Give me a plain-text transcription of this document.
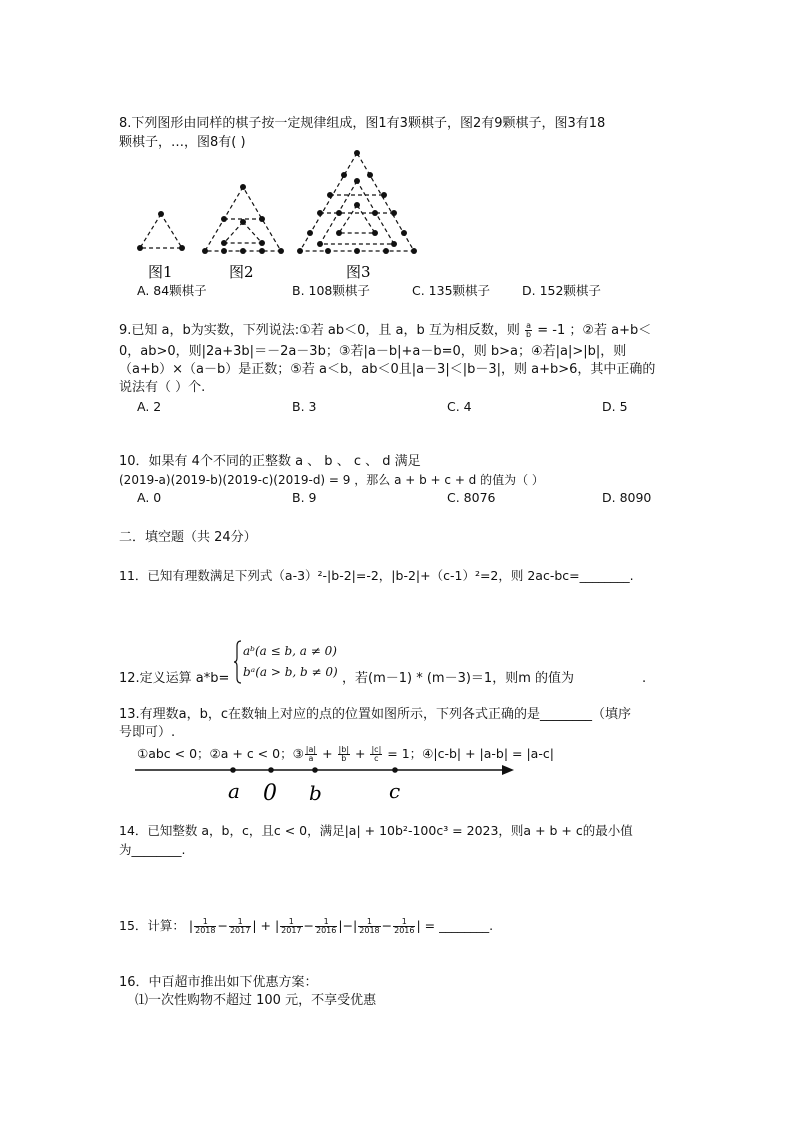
8.下列图形由同样的棋子按一定规律组成，图1有3颗棋子，图2有9颗棋子，图3有18
颗棋子，…，图8有( )
图1	图2	图3
A. 84颗棋子	B. 108颗棋子	C. 135颗棋子	D. 152颗棋子
9.已知 a，b为实数，下列说法:①若 ab＜0，且 a，b 互为相反数，则 $\frac{a}{b} = -1$ ；②若 a+b＜
0，ab>0，则|2a+3b|＝－2a－3b；③若|a－b|+a－b=0，则 b>a；④若|a|>|b|，则
（a+b）×（a－b）是正数；⑤若 a＜b，ab＜0且|a－3|＜|b－3|，则 a+b>6，其中正确的
说法有（ ）个.
A. 2	B. 3	C. 4	D. 5
10．如果有 4个不同的正整数 a 、 b 、 c 、 d 满足
(2019-a)(2019-b)(2019-c)(2019-d) = 9 ，那么 a + b + c + d 的值为（ ）
A. 0	B. 9	C. 8076	D. 8090
二．填空题（共 24分）
11．已知有理数满足下列式（a-3）²-|b-2|=-2，|b-2|+（c-1）²=2，则 2ac-bc=________.
aᵇ(a ≤ b, a ≠ 0)
bᵃ(a > b, b ≠ 0)
12.定义运算 a*b=	，若(m－1) * (m－3)＝1，则m 的值为	.
13.有理数a，b，c在数轴上对应的点的位置如图所示，下列各式正确的是________（填序
号即可）.
①abc < 0；②a + c < 0；③ $\frac{|a|}{a} + \frac{|b|}{b} + \frac{|c|}{c} = 1$；④|c-b| + |a-b| = |a-c|
a 0 b	c
14．已知整数 a，b，c，且c < 0，满足|a| + 10b²-100c³ = 2023，则a + b + c的最小值
为________.
15．计算： | $\frac{1}{2018} - \frac{1}{2017}$ | + | $\frac{1}{2017} - \frac{1}{2016}$ |−| $\frac{1}{2018} - \frac{1}{2016}$ | = ________.
16．中百超市推出如下优惠方案：
⑴一次性购物不超过 100 元，不享受优惠
